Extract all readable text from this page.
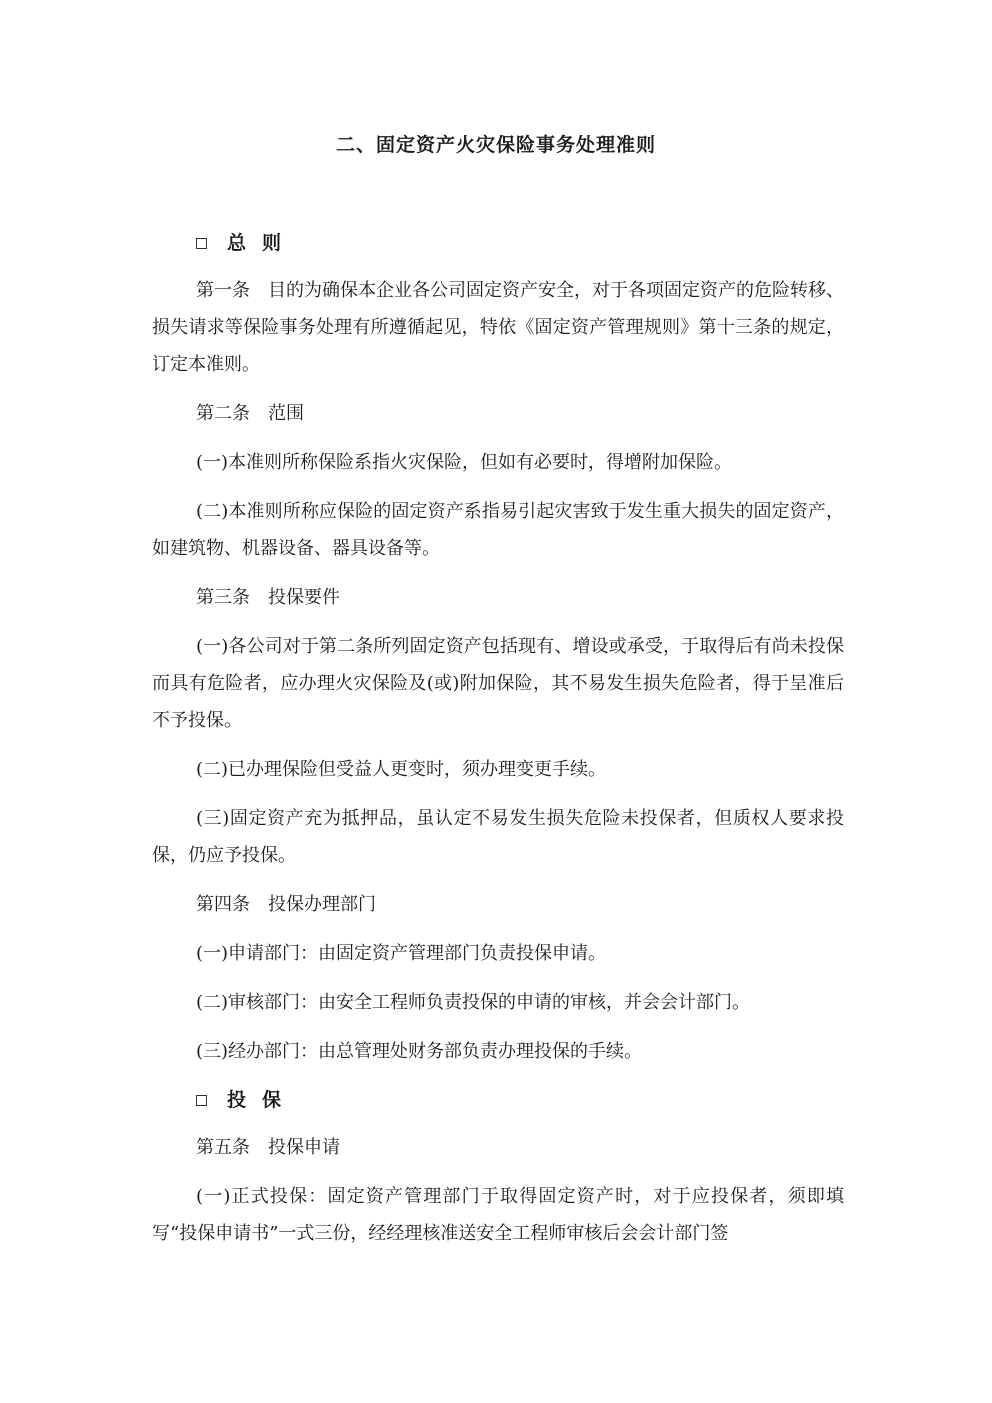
二、固定资产火灾保险事务处理准则
总则

第一条 目的为确保本企业各公司固定资产安全，对于各项固定资产的危险转移、损失请求等保险事务处理有所遵循起见，特依《固定资产管理规则》第十三条的规定，订定本准则。

第二条 范围

(一)本准则所称保险系指火灾保险，但如有必要时，得增附加保险。

(二)本准则所称应保险的固定资产系指易引起灾害致于发生重大损失的固定资产，如建筑物、机器设备、器具设备等。

第三条 投保要件

(一)各公司对于第二条所列固定资产包括现有、增设或承受，于取得后有尚未投保而具有危险者，应办理火灾保险及(或)附加保险，其不易发生损失危险者，得于呈准后不予投保。

(二)已办理保险但受益人更变时，须办理变更手续。

(三)固定资产充为抵押品，虽认定不易发生损失危险未投保者，但质权人要求投保，仍应予投保。

第四条 投保办理部门

(一)申请部门：由固定资产管理部门负责投保申请。

(二)审核部门：由安全工程师负责投保的申请的审核，并会会计部门。

(三)经办部门：由总管理处财务部负责办理投保的手续。

投保

第五条 投保申请

(一)正式投保：固定资产管理部门于取得固定资产时，对于应投保者，须即填写“投保申请书”一式三份，经经理核准送安全工程师审核后会会计部门签
